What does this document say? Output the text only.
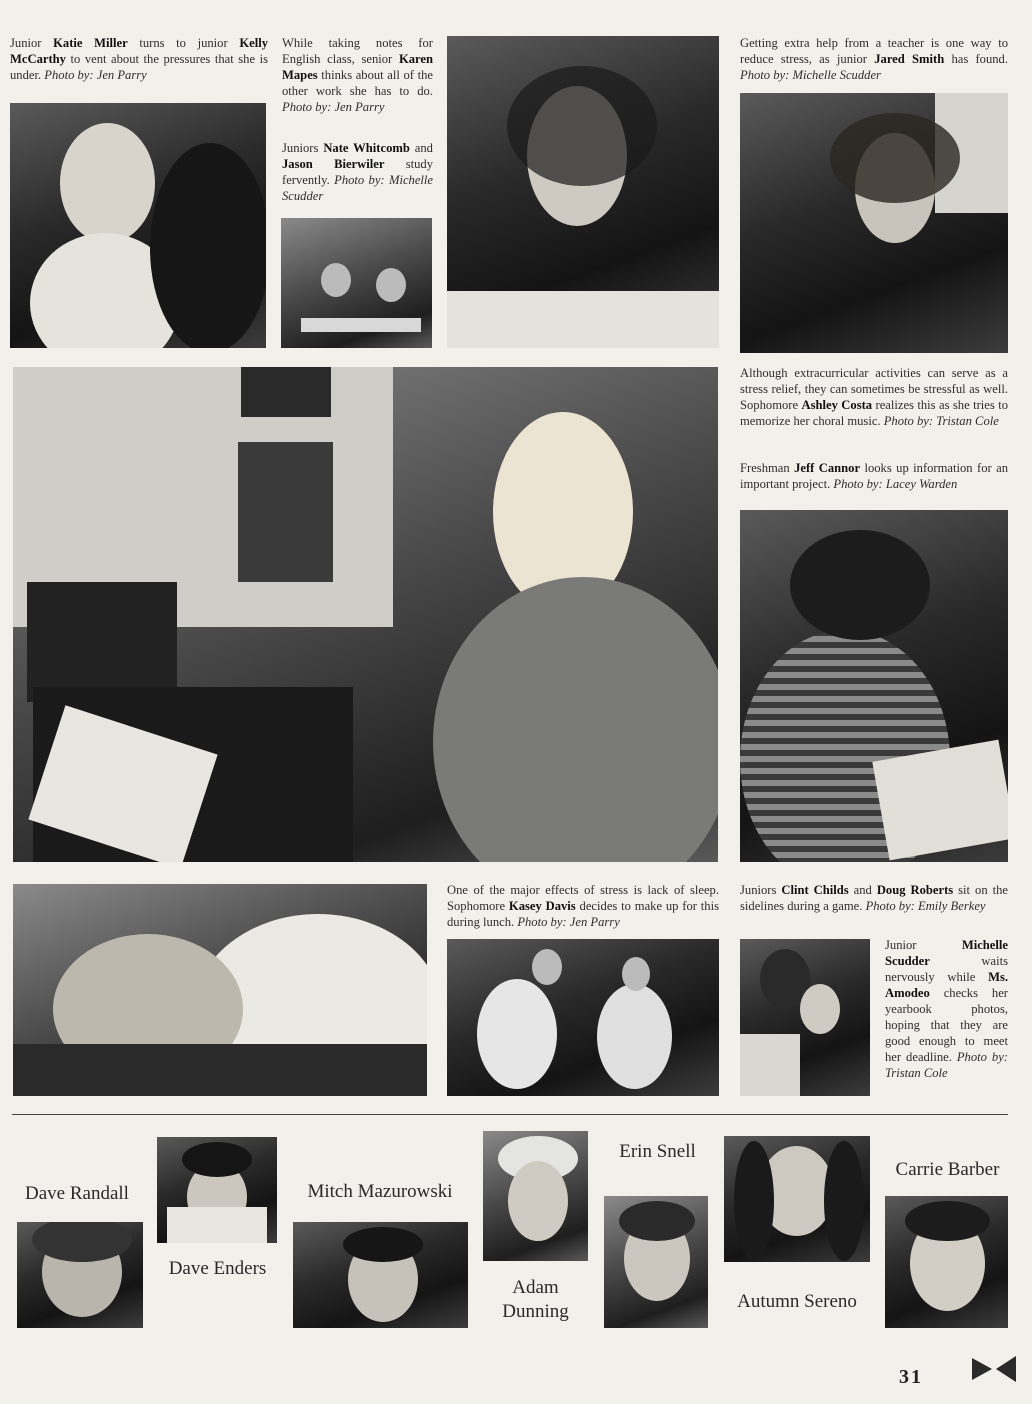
Junior Katie Miller turns to junior Kelly McCarthy to vent about the pressures that she is under. Photo by: Jen Parry
While taking notes for English class, senior Karen Mapes thinks about all of the other work she has to do. Photo by: Jen Parry
Juniors Nate Whitcomb and Jason Bierwiler study fervently. Photo by: Michelle Scudder
Getting extra help from a teacher is one way to reduce stress, as junior Jared Smith has found. Photo by: Michelle Scudder
Although extracurricular activities can serve as a stress relief, they can sometimes be stressful as well. Sophomore Ashley Costa realizes this as she tries to memorize her choral music. Photo by: Tristan Cole
Freshman Jeff Cannor looks up information for an important project. Photo by: Lacey Warden
One of the major effects of stress is lack of sleep. Sophomore Kasey Davis decides to make up for this during lunch. Photo by: Jen Parry
Juniors Clint Childs and Doug Roberts sit on the sidelines during a game. Photo by: Emily Berkey
Junior Michelle Scudder waits nervously while Ms. Amodeo checks her yearbook photos, hoping that they are good enough to meet her deadline. Photo by: Tristan Cole
Dave Randall
Dave Enders
Mitch Mazurowski
Adam
Dunning
Erin Snell
Autumn Sereno
Carrie Barber
31
